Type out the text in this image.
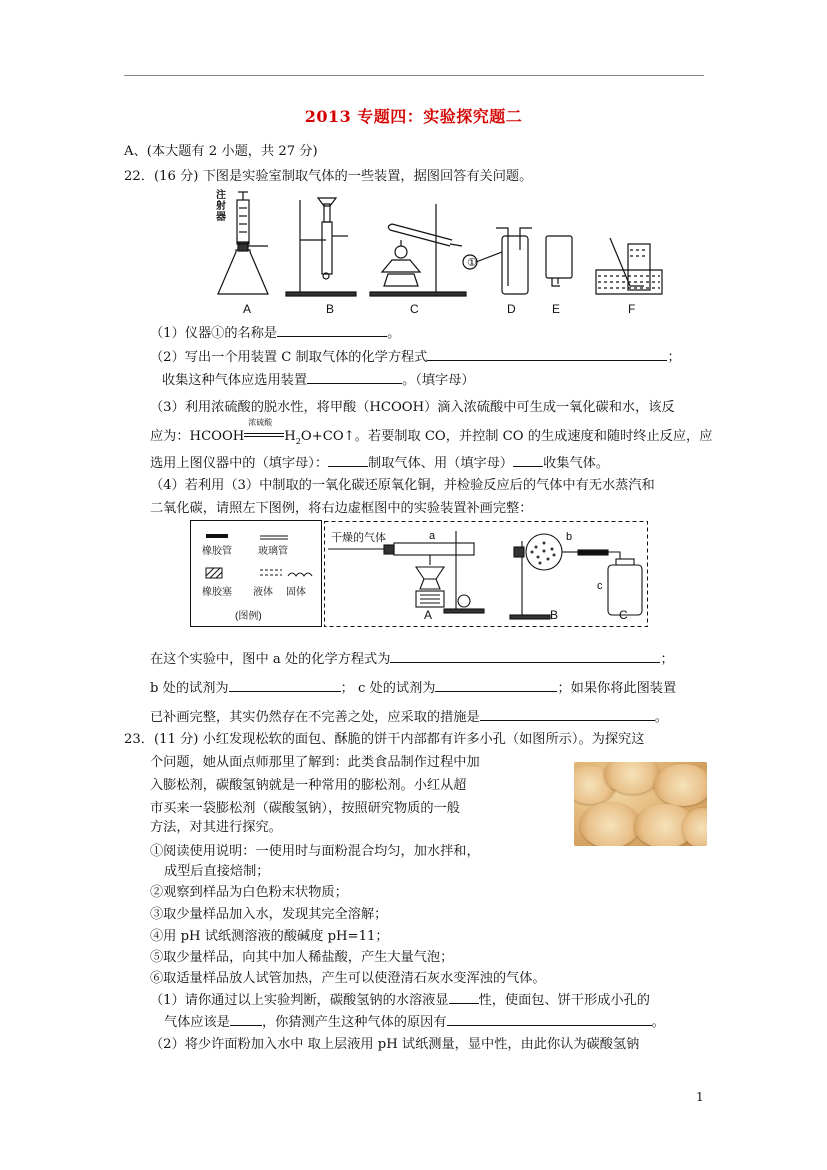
2013 专题四：实验探究题二
A、(本大题有 2 小题，共 27 分)
22．(16 分) 下图是实验室制取气体的一些装置，据图回答有关问题。
注射器
①
A	B	C	D	E	F
（1）仪器①的名称是	。
（2）写出一个用装置 C 制取气体的化学方程式	；
收集这种气体应选用装置	。（填字母）
（3）利用浓硫酸的脱水性，将甲酸（HCOOH）滴入浓硫酸中可生成一氧化碳和水，该反
应为：HCOOH
浓硫酸
$H_2O+CO↑$。若要制取 CO，并控制 CO 的生成速度和随时终止反应，应
选用上图仪器中的（填字母）：	制取气体、用（填字母） 收集气体。
（4）若利用（3）中制取的一氧化碳还原氧化铜，并检验反应后的气体中有无水蒸汽和
二氧化碳，请照左下图例，将右边虚框图中的实验装置补画完整：
橡胶管	玻璃管
橡胶塞 液体 固体
(图例)
干燥的气体	a	b
c
A	B	C
在这个实验中，图中 a 处的化学方程式为	；
b 处的试剂为	； c 处的试剂为	；如果你将此图装置
已补画完整，其实仍然存在不完善之处，应采取的措施是	。
23．(11 分) 小红发现松软的面包、酥脆的饼干内部都有许多小孔（如图所示）。为探究这
个问题，她从面点师那里了解到：此类食品制作过程中加
入膨松剂，碳酸氢钠就是一种常用的膨松剂。小红从超
市买来一袋膨松剂（碳酸氢钠），按照研究物质的一般
方法，对其进行探究。
①阅读使用说明：一使用时与面粉混合均匀，加水拌和，
成型后直接焙制；
②观察到样品为白色粉末状物质；
③取少量样品加入水，发现其完全溶解；
④用 pH 试纸测溶液的酸碱度 pH=11；
⑤取少量样品，向其中加人稀盐酸，产生大量气泡；
⑥取适量样品放人试管加热，产生可以使澄清石灰水变浑浊的气体。
（1）请你通过以上实验判断，碳酸氢钠的水溶液显 性，使面包、饼干形成小孔的
气体应该是 ，你猜测产生这种气体的原因有	。
（2）将少许面粉加入水中 取上层液用 pH 试纸测量，显中性，由此你认为碳酸氢钠
1
